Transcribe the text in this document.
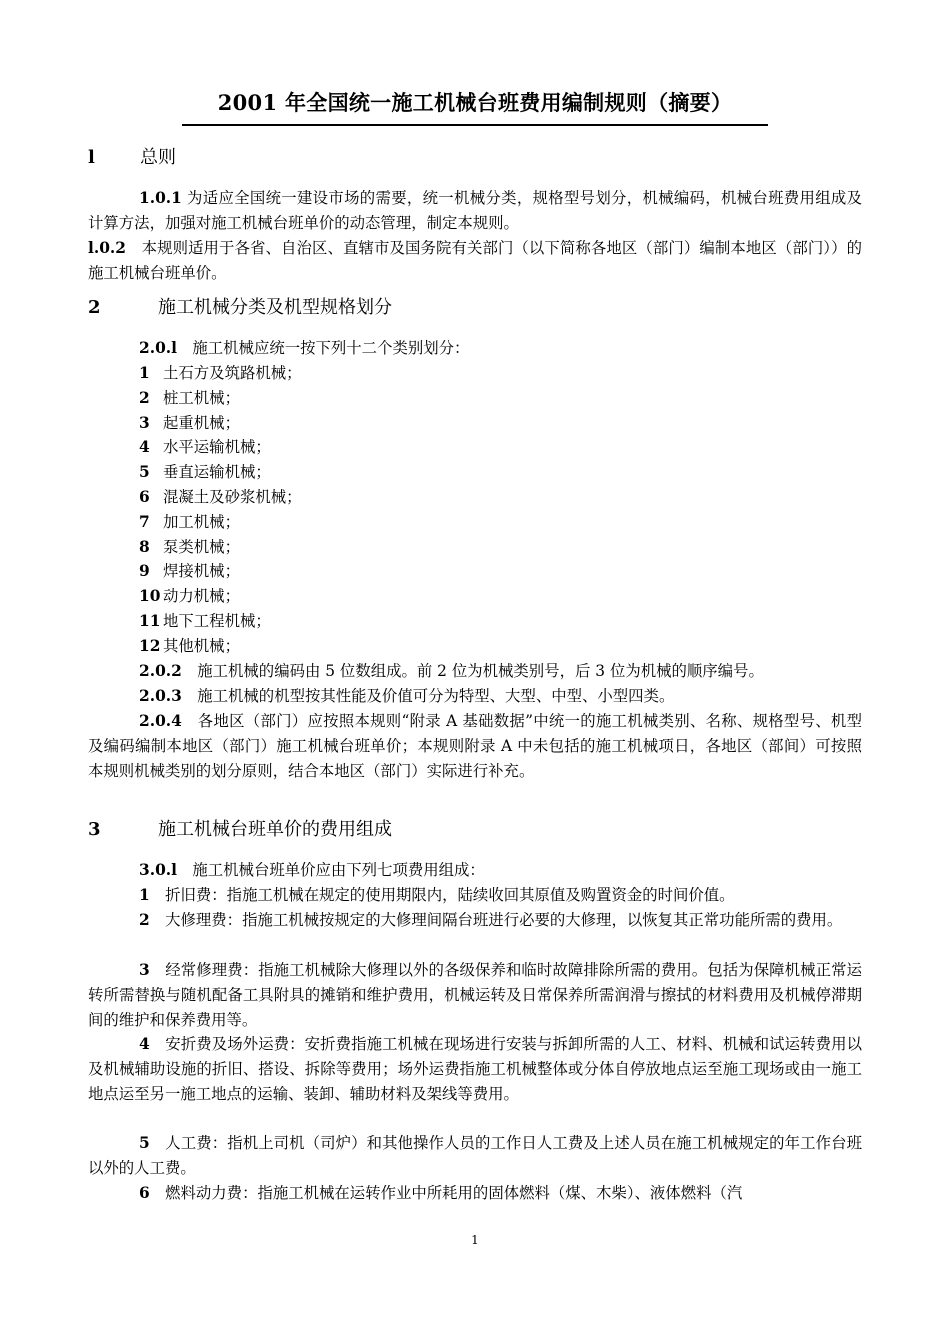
2001 年全国统一施工机械台班费用编制规则（摘要）
l	总则
1.0.1 为适应全国统一建设市场的需要，统一机械分类，规格型号划分，机械编码，机械台班费用组成及计算方法，加强对施工机械台班单价的动态管理，制定本规则。
l.0.2　本规则适用于各省、自治区、直辖市及国务院有关部门（以下简称各地区（部门）编制本地区（部门））的施工机械台班单价。
2	施工机械分类及机型规格划分
2.0.l　施工机械应统一按下列十二个类别划分：
1 土石方及筑路机械；
2 桩工机械；
3 起重机械；
4 水平运输机械；
5 垂直运输机械；
6 混凝土及砂浆机械；
7 加工机械；
8 泵类机械；
9 焊接机械；
10 动力机械；
11 地下工程机械；
12 其他机械；
2.0.2　施工机械的编码由 5 位数组成。前 2 位为机械类别号，后 3 位为机械的顺序编号。
2.0.3　施工机械的机型按其性能及价值可分为特型、大型、中型、小型四类。
2.0.4　各地区（部门）应按照本规则“附录 A 基础数据”中统一的施工机械类别、名称、规格型号、机型及编码编制本地区（部门）施工机械台班单价；本规则附录 A 中未包括的施工机械项日，各地区（部间）可按照本规则机械类别的划分原则，结合本地区（部门）实际进行补充。
3	施工机械台班单价的费用组成
3.0.l　施工机械台班单价应由下列七项费用组成：
1　折旧费：指施工机械在规定的使用期限内，陆续收回其原值及购置资金的时间价值。
2　大修理费：指施工机械按规定的大修理间隔台班进行必要的大修理，以恢复其正常功能所需的费用。
3　经常修理费：指施工机械除大修理以外的各级保养和临时故障排除所需的费用。包括为保障机械正常运转所需替换与随机配备工具附具的摊销和维护费用，机械运转及日常保养所需润滑与擦拭的材料费用及机械停滞期间的维护和保养费用等。
4　安折费及场外运费：安折费指施工机械在现场进行安装与拆卸所需的人工、材料、机械和试运转费用以及机械辅助设施的折旧、搭设、拆除等费用；场外运费指施工机械整体或分体自停放地点运至施工现场或由一施工地点运至另一施工地点的运输、装卸、辅助材料及架线等费用。
5　人工费：指机上司机（司炉）和其他操作人员的工作日人工费及上述人员在施工机械规定的年工作台班以外的人工费。
6　燃料动力费：指施工机械在运转作业中所耗用的固体燃料（煤、木柴）、液体燃料（汽
1
